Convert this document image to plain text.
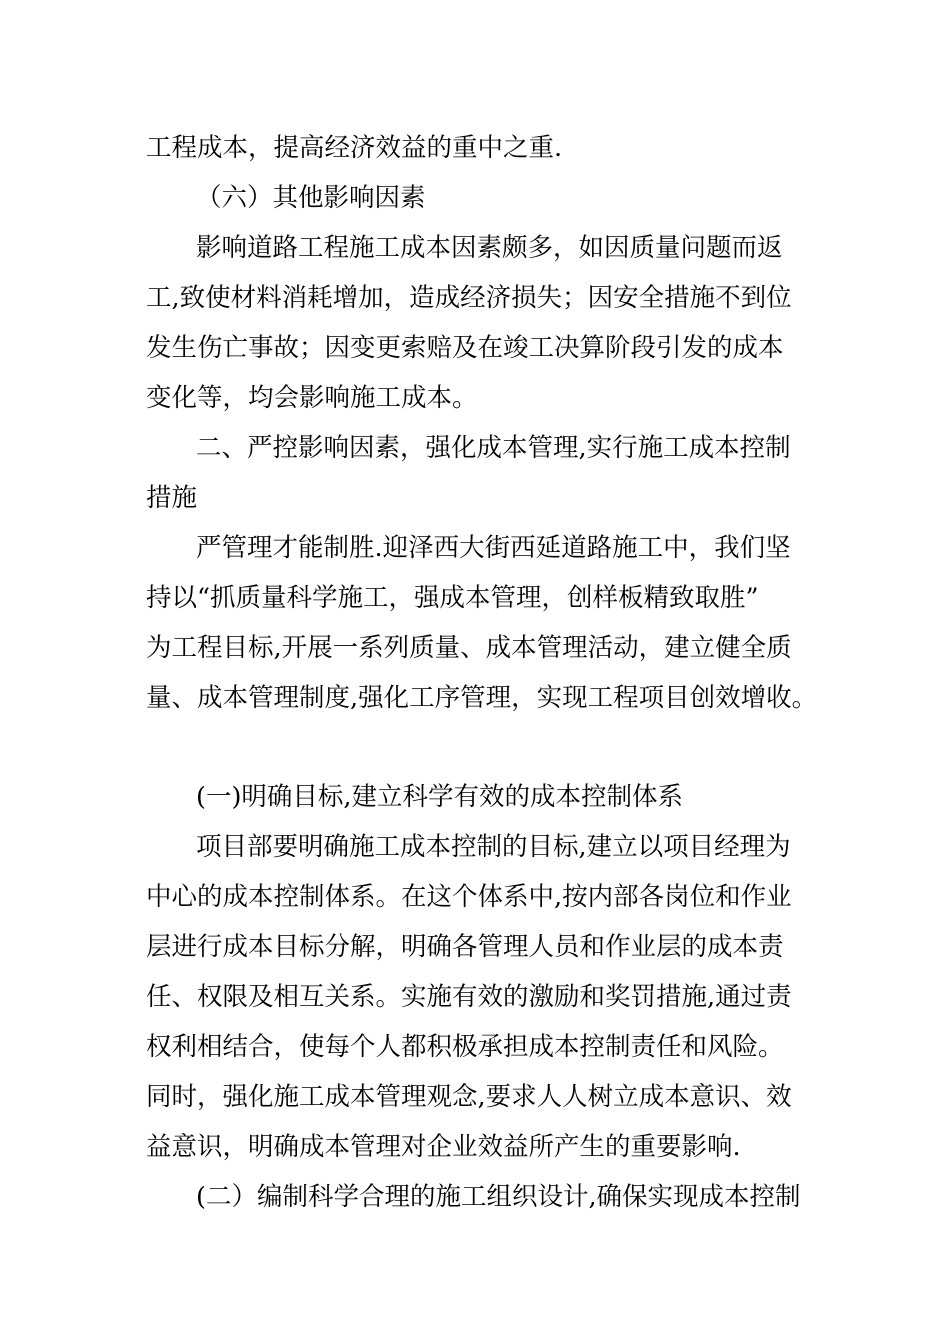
工程成本，提高经济效益的重中之重.
（六）其他影响因素
影响道路工程施工成本因素颇多，如因质量问题而返
工,致使材料消耗增加，造成经济损失；因安全措施不到位
发生伤亡事故；因变更索赔及在竣工决算阶段引发的成本
变化等，均会影响施工成本。
二、严控影响因素，强化成本管理,实行施工成本控制
措施
严管理才能制胜.迎泽西大街西延道路施工中，我们坚
持以“抓质量科学施工，强成本管理，创样板精致取胜”
为工程目标,开展一系列质量、成本管理活动，建立健全质
量、成本管理制度,强化工序管理，实现工程项目创效增收。
(一)明确目标,建立科学有效的成本控制体系
项目部要明确施工成本控制的目标,建立以项目经理为
中心的成本控制体系。在这个体系中,按内部各岗位和作业
层进行成本目标分解，明确各管理人员和作业层的成本责
任、权限及相互关系。实施有效的激励和奖罚措施,通过责
权利相结合，使每个人都积极承担成本控制责任和风险。
同时，强化施工成本管理观念,要求人人树立成本意识、效
益意识，明确成本管理对企业效益所产生的重要影响.
(二）编制科学合理的施工组织设计,确保实现成本控制
